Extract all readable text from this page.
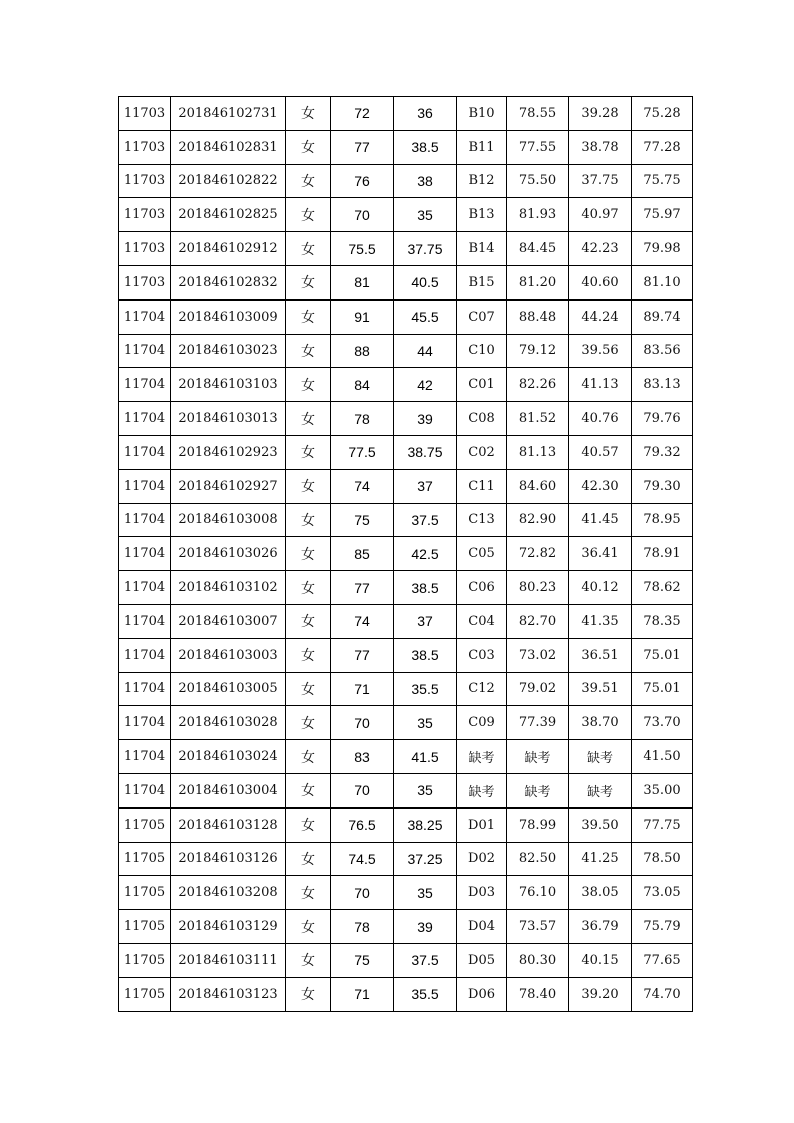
11703	201846102731	女	72	36	B10	78.55	39.28	75.28
11703	201846102831	女	77	38.5	B11	77.55	38.78	77.28
11703	201846102822	女	76	38	B12	75.50	37.75	75.75
11703	201846102825	女	70	35	B13	81.93	40.97	75.97
11703	201846102912	女	75.5	37.75	B14	84.45	42.23	79.98
11703	201846102832	女	81	40.5	B15	81.20	40.60	81.10
11704	201846103009	女	91	45.5	C07	88.48	44.24	89.74
11704	201846103023	女	88	44	C10	79.12	39.56	83.56
11704	201846103103	女	84	42	C01	82.26	41.13	83.13
11704	201846103013	女	78	39	C08	81.52	40.76	79.76
11704	201846102923	女	77.5	38.75	C02	81.13	40.57	79.32
11704	201846102927	女	74	37	C11	84.60	42.30	79.30
11704	201846103008	女	75	37.5	C13	82.90	41.45	78.95
11704	201846103026	女	85	42.5	C05	72.82	36.41	78.91
11704	201846103102	女	77	38.5	C06	80.23	40.12	78.62
11704	201846103007	女	74	37	C04	82.70	41.35	78.35
11704	201846103003	女	77	38.5	C03	73.02	36.51	75.01
11704	201846103005	女	71	35.5	C12	79.02	39.51	75.01
11704	201846103028	女	70	35	C09	77.39	38.70	73.70
11704	201846103024	女	83	41.5	缺考	缺考	缺考	41.50
11704	201846103004	女	70	35	缺考	缺考	缺考	35.00
11705	201846103128	女	76.5	38.25	D01	78.99	39.50	77.75
11705	201846103126	女	74.5	37.25	D02	82.50	41.25	78.50
11705	201846103208	女	70	35	D03	76.10	38.05	73.05
11705	201846103129	女	78	39	D04	73.57	36.79	75.79
11705	201846103111	女	75	37.5	D05	80.30	40.15	77.65
11705	201846103123	女	71	35.5	D06	78.40	39.20	74.70
